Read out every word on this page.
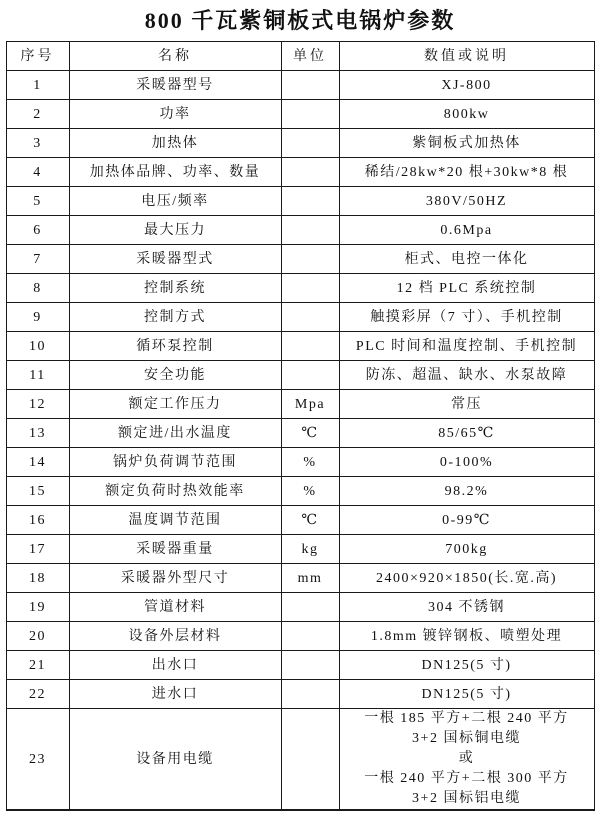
800 千瓦紫铜板式电锅炉参数
序号	名称	单位	数值或说明
1	采暖器型号		XJ-800
2	功率		800kw
3	加热体		紫铜板式加热体
4	加热体品牌、功率、数量		稀结/28kw*20 根+30kw*8 根
5	电压/频率		380V/50HZ
6	最大压力		0.6Mpa
7	采暖器型式		柜式、电控一体化
8	控制系统		12 档 PLC 系统控制
9	控制方式		触摸彩屏（7 寸）、手机控制
10	循环泵控制		PLC 时间和温度控制、手机控制
11	安全功能		防冻、超温、缺水、水泵故障
12	额定工作压力	Mpa	常压
13	额定进/出水温度	℃	85/65℃
14	锅炉负荷调节范围	%	0-100%
15	额定负荷时热效能率	%	98.2%
16	温度调节范围	℃	0-99℃
17	采暖器重量	kg	700kg
18	采暖器外型尺寸	mm	2400×920×1850(长.宽.高)
19	管道材料		304 不锈钢
20	设备外层材料		1.8mm 镀锌钢板、喷塑处理
21	出水口		DN125(5 寸)
22	进水口		DN125(5 寸)
23	设备用电缆		一根 185 平方+二根 240 平方
3+2 国标铜电缆
或
一根 240 平方+二根 300 平方
3+2 国标铝电缆
